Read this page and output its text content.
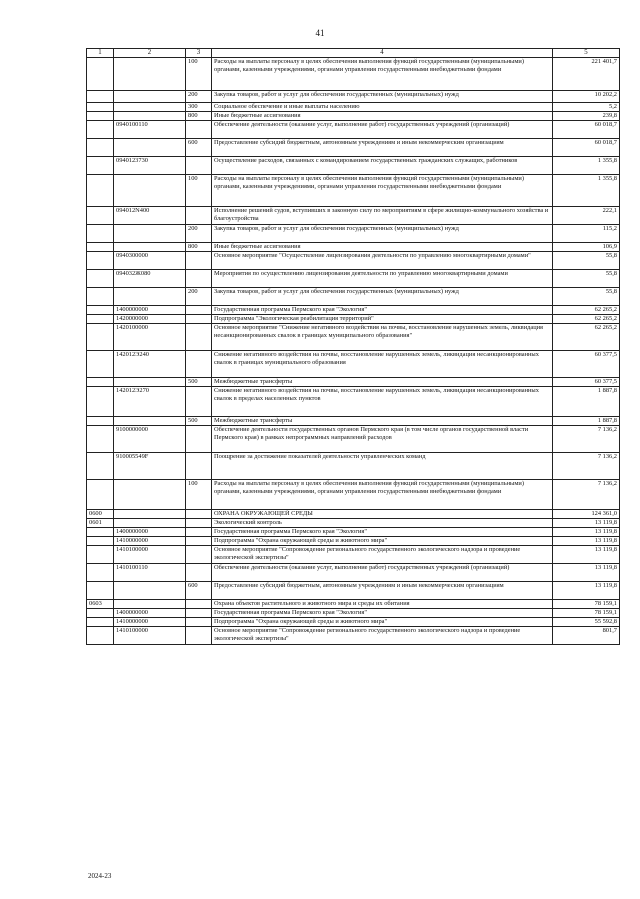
41
1	2	3	4	5
		100	Расходы на выплаты персоналу в целях обеспечения выполнения функций государственными (муниципальными) органами, казенными учреждениями, органами управления государственными внебюджетными фондами	221 401,7
		200	Закупка товаров, работ и услуг для обеспечения государственных (муниципальных) нужд	10 202,2
		300	Социальное обеспечение и иные выплаты населению	5,2
		800	Иные бюджетные ассигнования	239,8
	0940100110		Обеспечение деятельности (оказание услуг, выполнение работ) государственных учреждений (организаций)	60 018,7
		600	Предоставление субсидий бюджетным, автономным учреждениям и иным некоммерческим организациям	60 018,7
	0940123730		Осуществление расходов, связанных с командированием государственных гражданских служащих, работников	1 355,8
		100	Расходы на выплаты персоналу в целях обеспечения выполнения функций государственными (муниципальными) органами, казенными учреждениями, органами управления государственными внебюджетными фондами	1 355,8
	094012N400		Исполнение решений судов, вступивших в законную силу по мероприятиям в сфере жилищно-коммунального хозяйства и благоустройства	222,1
		200	Закупка товаров, работ и услуг для обеспечения государственных (муниципальных) нужд	115,2
		800	Иные бюджетные ассигнования	106,9
	0940300000		Основное мероприятие "Осуществление лицензирования деятельности по управлению многоквартирными домами"	55,8
	094032Ж080		Мероприятия по осуществлению лицензирования деятельности по управлению многоквартирными домами	55,8
		200	Закупка товаров, работ и услуг для обеспечения государственных (муниципальных) нужд	55,8
	1400000000		Государственная программа Пермского края "Экология"	62 265,2
	1420000000		Подпрограмма "Экологическая реабилитация территорий"	62 265,2
	1420100000		Основное мероприятие "Снижение негативного воздействия на почвы, восстановление нарушенных земель, ликвидация несанкционированных свалок в границах муниципального образования"	62 265,2
	142012Э240		Снижение негативного воздействия на почвы, восстановление нарушенных земель, ликвидация несанкционированных свалок в границах муниципального образования	60 377,5
		500	Межбюджетные трансферты	60 377,5
	142012Э270		Снижение негативного воздействия на почвы, восстановление нарушенных земель, ликвидация несанкционированных свалок в пределах населенных пунктов	1 887,8
		500	Межбюджетные трансферты	1 887,8
	9100000000		Обеспечение деятельности государственных органов Пермского края (в том числе органов государственной власти Пермского края) в рамках непрограммных направлений расходов	7 136,2
	910005549F		Поощрение за достижение показателей деятельности управленческих команд	7 136,2
		100	Расходы на выплаты персоналу в целях обеспечения выполнения функций государственными (муниципальными) органами, казенными учреждениями, органами управления государственными внебюджетными фондами	7 136,2
0600			ОХРАНА ОКРУЖАЮЩЕЙ СРЕДЫ	124 361,0
0601			Экологический контроль	13 119,8
	1400000000		Государственная программа Пермского края "Экология"	13 119,8
	1410000000		Подпрограмма "Охрана окружающей среды и животного мира"	13 119,8
	1410100000		Основное мероприятие "Сопровождение регионального государственного экологического надзора и проведение экологической экспертизы"	13 119,8
	1410100110		Обеспечение деятельности (оказание услуг, выполнение работ) государственных учреждений (организаций)	13 119,8
		600	Предоставление субсидий бюджетным, автономным учреждениям и иным некоммерческим организациям	13 119,8
0603			Охрана объектов растительного и животного мира и среды их обитания	78 159,1
	1400000000		Государственная программа Пермского края "Экология"	78 159,1
	1410000000		Подпрограмма "Охрана окружающей среды и животного мира"	55 592,8
	1410100000		Основное мероприятие "Сопровождение регионального государственного экологического надзора и проведение экологической экспертизы"	801,7
2024-23
